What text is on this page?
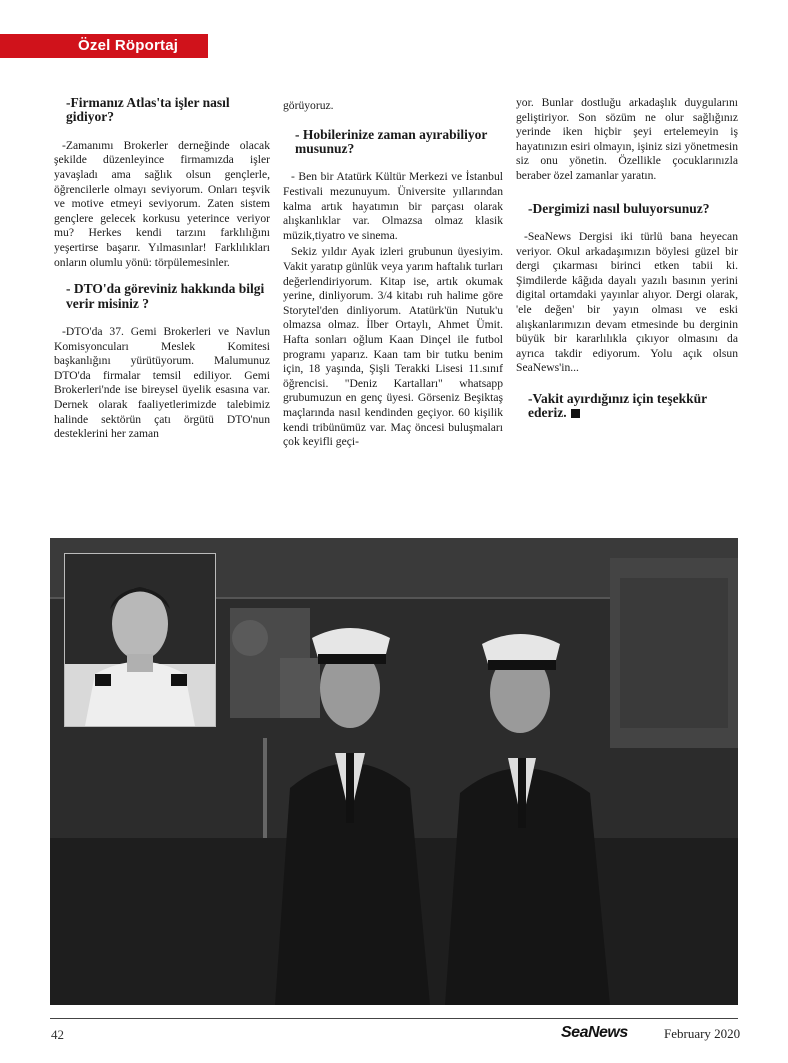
Özel Röportaj
-Firmanız Atlas'ta işler nasıl gidiyor?
-Zamanımı Brokerler derneğinde olacak şekilde düzenleyince firmamızda işler yavaşladı ama sağlık olsun gençlerle, öğrencilerle olmayı seviyorum. Onları teşvik ve motive etmeyi seviyorum. Zaten sistem gençlere gelecek korkusu yeterince veriyor mu? Herkes kendi tarzını farklılığını yeşertirse başarır. Yılmasınlar! Farklılıkları onların olumlu yönü: törpülemesinler.
- DTO'da göreviniz hakkında bilgi verir misiniz ?
-DTO'da 37. Gemi Brokerleri ve Navlun Komisyoncuları Meslek Komitesi başkanlığını yürütüyorum. Malumunuz DTO'da firmalar temsil ediliyor. Gemi Brokerleri'nde ise bireysel üyelik esasına var. Dernek olarak faaliyetlerimizde talebimiz halinde sektörün çatı örgütü DTO'nun desteklerini her zaman
görüyoruz.
- Hobilerinize zaman ayırabiliyor musunuz?
- Ben bir Atatürk Kültür Merkezi ve İstanbul Festivali mezunuyum. Üniversite yıllarından kalma artık hayatımın bir parçası olarak alışkanlıklar var. Olmazsa olmaz klasik müzik,tiyatro ve sinema.
Sekiz yıldır Ayak izleri grubunun üyesiyim. Vakit yaratıp günlük veya yarım haftalık turları değerlendiriyorum. Kitap ise, artık okumak yerine, dinliyorum. 3/4 kitabı ruh halime göre Storytel'den dinliyorum. Atatürk'ün Nutuk'u olmazsa olmaz. İlber Ortaylı, Ahmet Ümit. Hafta sonları oğlum Kaan Dinçel ile futbol programı yaparız. Kaan tam bir tutku benim için, 18 yaşında, Şişli Terakki Lisesi 11.sınıf öğrencisi. "Deniz Kartalları" whatsapp grubumuzun en genç üyesi. Görseniz Beşiktaş maçlarında nasıl kendinden geçiyor. 60 kişilik kendi tribünümüz var. Maç öncesi buluşmaları çok keyifli geçi-
yor. Bunlar dostluğu arkadaşlık duygularını geliştiriyor. Son sözüm ne olur sağlığınız yerinde iken hiçbir şeyi ertelemeyin iş hayatınızın esiri olmayın, işiniz sizi yönetmesin siz onu yönetin. Özellikle çocuklarınızla beraber özel zamanlar yaratın.
-Dergimizi nasıl buluyorsunuz?
-SeaNews Dergisi iki türlü bana heyecan veriyor. Okul arkadaşımızın böylesi güzel bir dergi çıkarması birinci etken tabii ki. Şimdilerde kâğıda dayalı yazılı basının yerini digital ortamdaki yayınlar alıyor. Dergi olarak, 'ele değen' bir yayın olması ve eski alışkanlarımızın devam etmesinde bu derginin büyük bir kararlılıkla çıkıyor olmasını da ayrıca takdir ediyorum. Yolu açık olsun SeaNews'in...
-Vakit ayırdığınız için teşekkür ederiz.
42	SeaNews	February 2020
